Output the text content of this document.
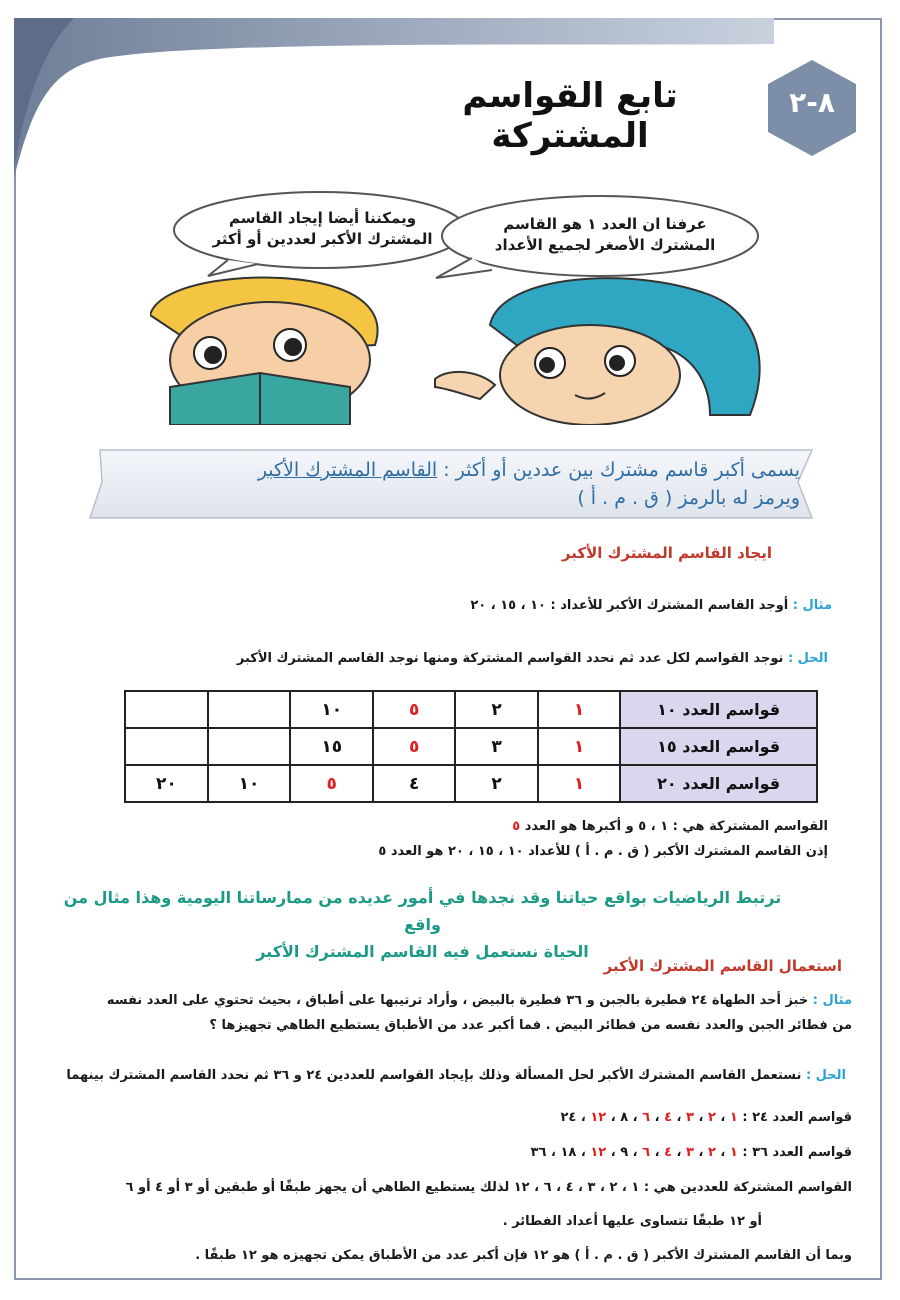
تابع القواسم المشتركة
٨-٢
ويمكننا أيضا إيجاد القاسم
المشترك الأكبر لعددين أو أكثر
عرفنا ان العدد ١ هو القاسم
المشترك الأصغر لجميع الأعداد
يسمى أكبر قاسم مشترك بين عددين أو أكثر : القاسم المشترك الأكبر
ويرمز له بالرمز ( ق . م . أ )
ايجاد القاسم المشترك الأكبر
مثال : أوجد القاسم المشترك الأكبر للأعداد : ١٠ ، ١٥ ، ٢٠
الحل : نوجد القواسم لكل عدد ثم نحدد القواسم المشتركة ومنها نوجد القاسم المشترك الأكبر
قواسم العدد ١٠	١	٢	٥	١٠		
قواسم العدد ١٥	١	٣	٥	١٥		
قواسم العدد ٢٠	١	٢	٤	٥	١٠	٢٠
القواسم المشتركة هي : ١ ، ٥ و أكبرها هو العدد ٥
إذن القاسم المشترك الأكبر ( ق . م . أ ) للأعداد ١٠ ، ١٥ ، ٢٠ هو العدد ٥
ترتبط الرياضيات بواقع حياتنا وقد نجدها في أمور عديده من ممارساتنا اليومية وهذا مثال من واقع
الحياة نستعمل فيه القاسم المشترك الأكبر
استعمال القاسم المشترك الأكبر
مثال : خبز أحد الطهاة ٢٤ فطيرة بالجبن و ٣٦ فطيرة بالبيض ، وأراد ترتيبها على أطباق ، بحيث تحتوي على العدد نفسه
من فطائر الجبن والعدد نفسه من فطائر البيض . فما أكبر عدد من الأطباق يستطيع الطاهي تجهيزها ؟
الحل : نستعمل القاسم المشترك الأكبر لحل المسألة وذلك بإيجاد القواسم للعددين ٢٤ و ٣٦ ثم نحدد القاسم المشترك بينهما
قواسم العدد ٢٤ : ١ ، ٢ ، ٣ ، ٤ ، ٦ ، ٨ ، ١٢ ، ٢٤
قواسم العدد ٣٦ : ١ ، ٢ ، ٣ ، ٤ ، ٦ ، ٩ ، ١٢ ، ١٨ ، ٣٦
القواسم المشتركة للعددين هي : ١ ، ٢ ، ٣ ، ٤ ، ٦ ، ١٢ لذلك يستطيع الطاهي أن يجهز طبقًا أو طبقين أو ٣ أو ٤ أو ٦
أو ١٢ طبقًا تتساوى عليها أعداد الفطائر .
وبما أن القاسم المشترك الأكبر ( ق . م . أ ) هو ١٢ فإن أكبر عدد من الأطباق يمكن تجهيزه هو ١٢ طبقًا .
